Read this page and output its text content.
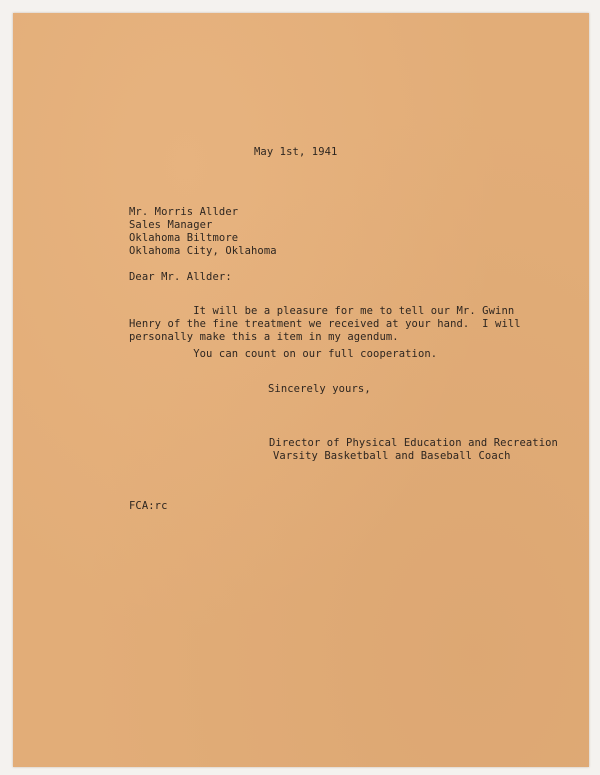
May 1st, 1941
Mr. Morris Allder
Sales Manager
Oklahoma Biltmore
Oklahoma City, Oklahoma
Dear Mr. Allder:
It will be a pleasure for me to tell our Mr. Gwinn
Henry of the fine treatment we received at your hand.  I will
personally make this a item in my agendum.
You can count on our full cooperation.
Sincerely yours,
Director of Physical Education and Recreation
Varsity Basketball and Baseball Coach
FCA:rc
